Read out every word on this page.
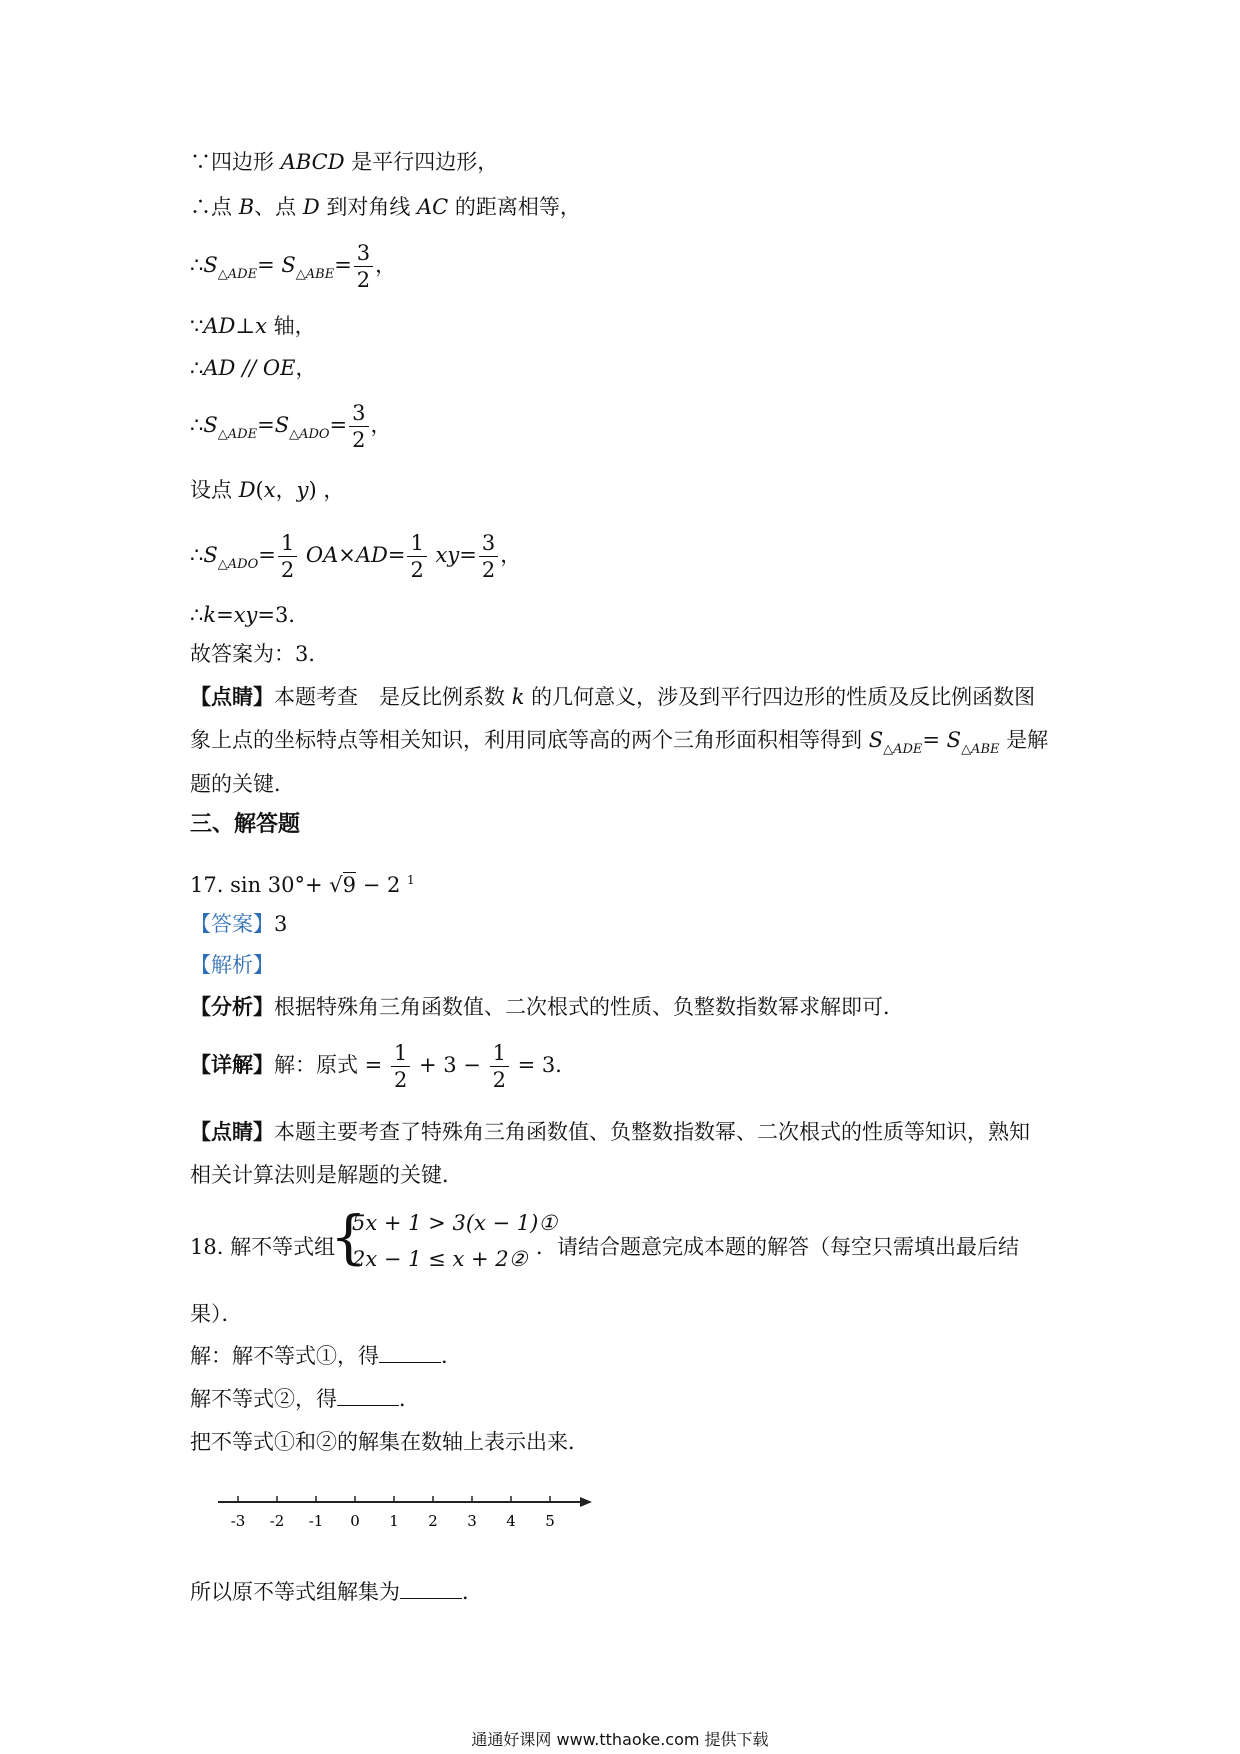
∵四边形 ABCD 是平行四边形，
∴点 B、点 D 到对角线 AC 的距离相等，
$\therefore S_{\triangle ADE}= S_{\triangle ABE}= \frac{3}{2}$ ，
∵AD⊥x 轴，
∴AD // OE，
$\therefore S_{\triangle ADE}=S_{\triangle ADO}= \frac{3}{2}$ ，
设点 D(x，y) ，
$\therefore S_{\triangle ADO}= \frac{1}{2} OA\times AD= \frac{1}{2} xy= \frac{3}{2}$ ，
∴k=xy=3．
故答案为：3．
【点睛】本题考查　是反比例系数 k 的几何意义，涉及到平行四边形的性质及反比例函数图
象上点的坐标特点等相关知识，利用同底等高的两个三角形面积相等得到 $S_{\triangle ADE}= S_{\triangle ABE}$ 是解
题的关键．
三、解答题
17. sin 30°+ √9 − 2 $^1$
【答案】3
【解析】
【分析】根据特殊角三角函数值、二次根式的性质、负整数指数幂求解即可．
【详解】解：原式 = $\frac{1}{2} + 3 - \frac{1}{2} = 3$．
【点睛】本题主要考查了特殊角三角函数值、负整数指数幂、二次根式的性质等知识，熟知
相关计算法则是解题的关键．
18. 解不等式组
{
5x + 1 > 3(x − 1)①
2x − 1 ≤ x + 2② ．请结合题意完成本题的解答（每空只需填出最后结
果）．
解：解不等式①，得	．
解不等式②，得	．
把不等式①和②的解集在数轴上表示出来．
-3 -2 -1 0 1 2 3 4 5
所以原不等式组解集为	．
通通好课网 www.tthaoke.com 提供下载
